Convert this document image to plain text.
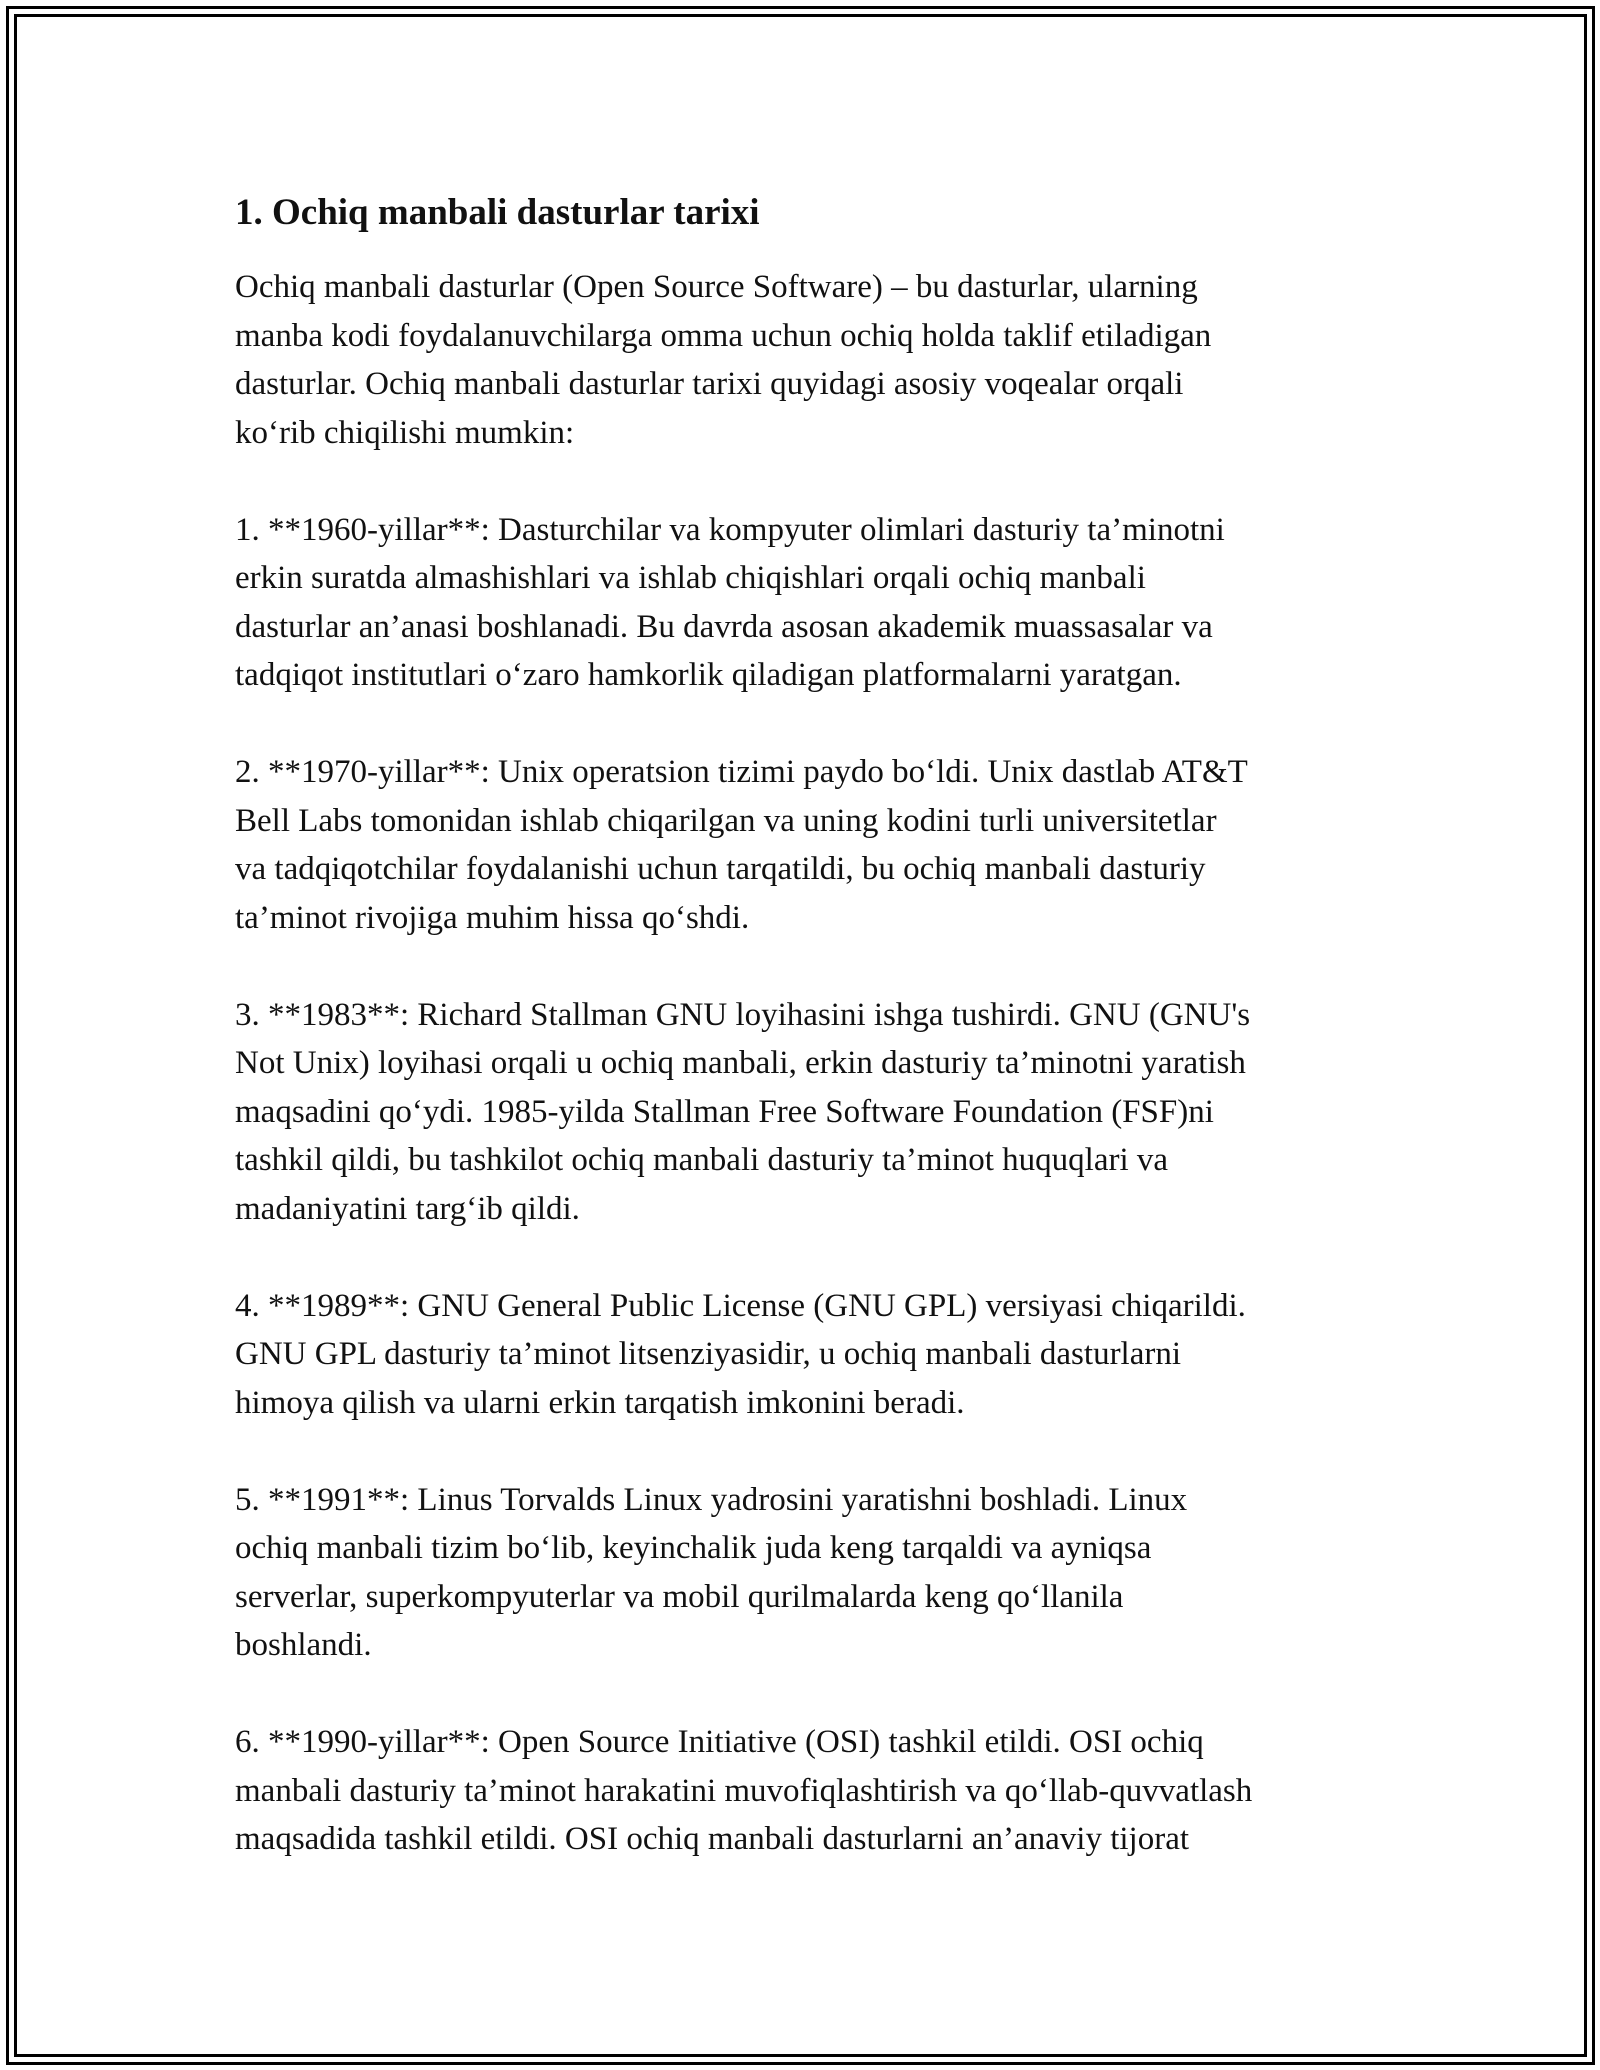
1. Ochiq manbali dasturlar tarixi
Ochiq manbali dasturlar (Open Source Software) – bu dasturlar, ularning
manba kodi foydalanuvchilarga omma uchun ochiq holda taklif etiladigan
dasturlar. Ochiq manbali dasturlar tarixi quyidagi asosiy voqealar orqali
ko‘rib chiqilishi mumkin:
1. **1960-yillar**: Dasturchilar va kompyuter olimlari dasturiy ta’minotni
erkin suratda almashishlari va ishlab chiqishlari orqali ochiq manbali
dasturlar an’anasi boshlanadi. Bu davrda asosan akademik muassasalar va
tadqiqot institutlari o‘zaro hamkorlik qiladigan platformalarni yaratgan.
2. **1970-yillar**: Unix operatsion tizimi paydo bo‘ldi. Unix dastlab AT&T
Bell Labs tomonidan ishlab chiqarilgan va uning kodini turli universitetlar
va tadqiqotchilar foydalanishi uchun tarqatildi, bu ochiq manbali dasturiy
ta’minot rivojiga muhim hissa qo‘shdi.
3. **1983**: Richard Stallman GNU loyihasini ishga tushirdi. GNU (GNU's
Not Unix) loyihasi orqali u ochiq manbali, erkin dasturiy ta’minotni yaratish
maqsadini qo‘ydi. 1985-yilda Stallman Free Software Foundation (FSF)ni
tashkil qildi, bu tashkilot ochiq manbali dasturiy ta’minot huquqlari va
madaniyatini targ‘ib qildi.
4. **1989**: GNU General Public License (GNU GPL) versiyasi chiqarildi.
GNU GPL dasturiy ta’minot litsenziyasidir, u ochiq manbali dasturlarni
himoya qilish va ularni erkin tarqatish imkonini beradi.
5. **1991**: Linus Torvalds Linux yadrosini yaratishni boshladi. Linux
ochiq manbali tizim bo‘lib, keyinchalik juda keng tarqaldi va ayniqsa
serverlar, superkompyuterlar va mobil qurilmalarda keng qo‘llanila
boshlandi.
6. **1990-yillar**: Open Source Initiative (OSI) tashkil etildi. OSI ochiq
manbali dasturiy ta’minot harakatini muvofiqlashtirish va qo‘llab-quvvatlash
maqsadida tashkil etildi. OSI ochiq manbali dasturlarni an’anaviy tijorat
